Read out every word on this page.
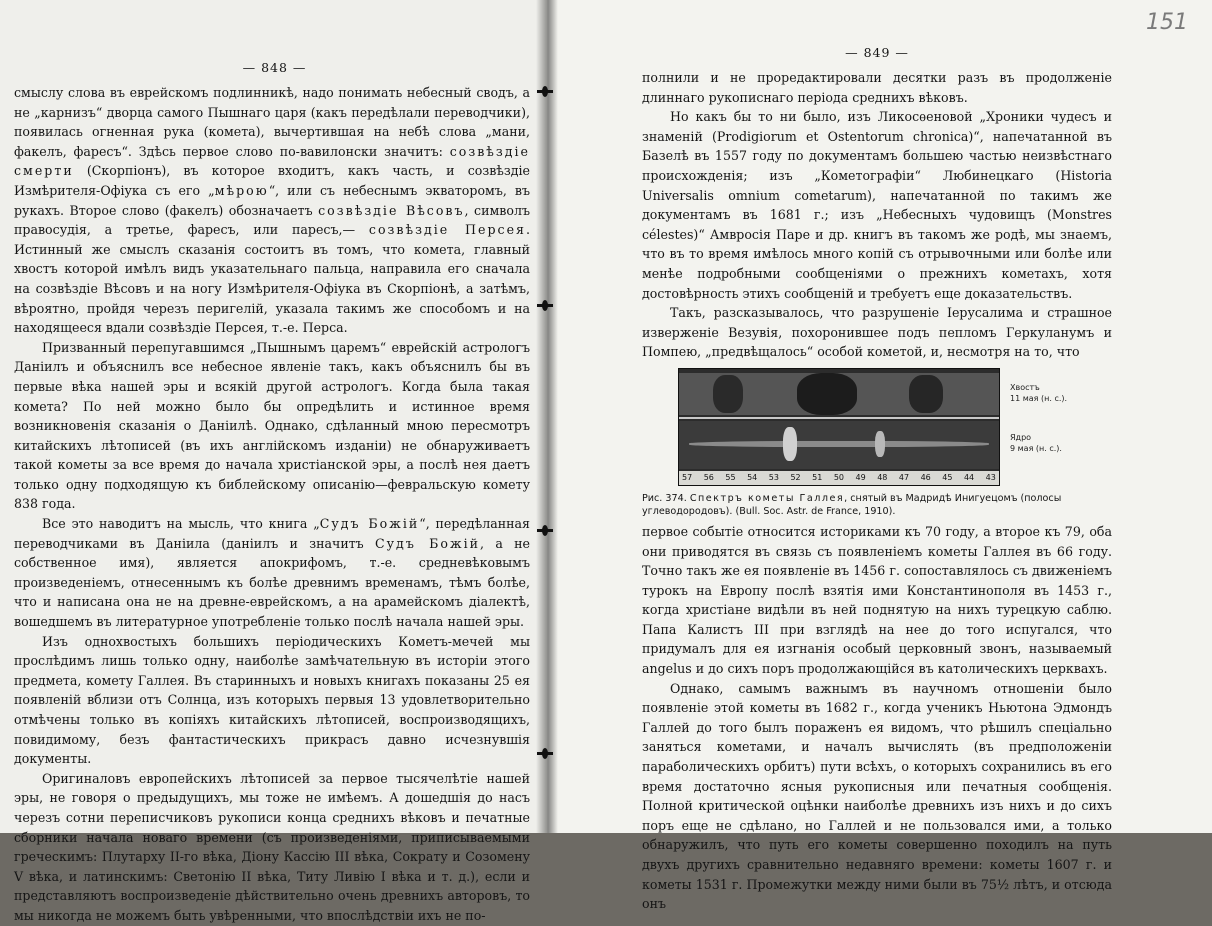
— 848 —

смыслу слова въ еврейскомъ подлинникѣ, надо понимать небесный сводъ, а не „карнизъ“ дворца самого Пышнаго царя (какъ передѣлали переводчики), появилась огненная рука (комета), вычертившая на небѣ слова „мани, факелъ, фаресъ“. Здѣсь первое слово по-вавилонски значитъ: созвѣздіе смерти (Скорпіонъ), въ которое входитъ, какъ часть, и созвѣздіе Измѣрителя-Офіука съ его „мѣрою“, или съ небеснымъ экваторомъ, въ рукахъ. Второе слово (факелъ) обозначаетъ созвѣздіе Вѣсовъ, символъ правосудія, а третье, фаресъ, или паресъ,— созвѣздіе Персея. Истинный же смыслъ сказанія состоитъ въ томъ, что комета, главный хвостъ которой имѣлъ видъ указательнаго пальца, направила его сначала на созвѣздіе Вѣсовъ и на ногу Измѣрителя-Офіука въ Скорпіонѣ, а затѣмъ, вѣроятно, пройдя черезъ перигелій, указала такимъ же способомъ и на находящееся вдали созвѣздіе Персея, т.-е. Перса.

Призванный перепугавшимся „Пышнымъ царемъ“ еврейскій астрологъ Даніилъ и объяснилъ все небесное явленіе такъ, какъ объяснилъ бы въ первые вѣка нашей эры и всякій другой астрологъ. Когда была такая комета? По ней можно было бы опредѣлить и истинное время возникновенія сказанія о Даніилѣ. Однако, сдѣланный мною пересмотръ китайскихъ лѣтописей (въ ихъ англійскомъ изданіи) не обнаруживаетъ такой кометы за все время до начала христіанской эры, а послѣ нея даетъ только одну подходящую къ библейскому описанію—февральскую комету 838 года.

Все это наводитъ на мысль, что книга „Судъ Божій“, передѣланная переводчиками въ Даніила (даніилъ и значитъ Судъ Божій, а не собственное имя), является апокрифомъ, т.-е. средневѣковымъ произведеніемъ, отнесеннымъ къ болѣе древнимъ временамъ, тѣмъ болѣе, что и написана она не на древне-еврейскомъ, а на арамейскомъ діалектѣ, вошедшемъ въ литературное употребленіе только послѣ начала нашей эры.

Изъ однохвостыхъ большихъ періодическихъ Кометъ-мечей мы прослѣдимъ лишь только одну, наиболѣе замѣчательную въ исторіи этого предмета, комету Галлея. Въ старинныхъ и новыхъ книгахъ показаны 25 ея появленій вблизи отъ Солнца, изъ которыхъ первыя 13 удовлетворительно отмѣчены только въ копіяхъ китайскихъ лѣтописей, воспроизводящихъ, повидимому, безъ фантастическихъ прикрасъ давно исчезнувшія документы.

Оригиналовъ европейскихъ лѣтописей за первое тысячелѣтіе нашей эры, не говоря о предыдущихъ, мы тоже не имѣемъ. А дошедшія до насъ черезъ сотни переписчиковъ рукописи конца среднихъ вѣковъ и печатные сборники начала новаго времени (съ произведеніями, приписываемыми греческимъ: Плутарху II-го вѣка, Діону Кассію III вѣка, Сократу и Созомену V вѣка, и латинскимъ: Светонію II вѣка, Титу Ливію I вѣка и т. д.), если и представляютъ воспроизведеніе дѣйствительно очень древнихъ авторовъ, то мы никогда не можемъ быть увѣренными, что впослѣдствіи ихъ не по-

151
— 849 —

полнили и не проредактировали десятки разъ въ продолженіе длиннаго рукописнаго періода среднихъ вѣковъ.

Но какъ бы то ни было, изъ Ликосѳеновой „Хроники чудесъ и знаменій (Prodigiorum et Ostentorum chronica)“, напечатанной въ Базелѣ въ 1557 году по документамъ большею частью неизвѣстнаго происхожденія; изъ „Кометографіи“ Любинецкаго (Historia Universalis omnium cometarum), напечатанной по такимъ же документамъ въ 1681 г.; изъ „Небесныхъ чудовищъ (Monstres célestes)“ Амвросія Паре и др. книгъ въ такомъ же родѣ, мы знаемъ, что въ то время имѣлось много копій съ отрывочными или болѣе или менѣе подробными сообщеніями о прежнихъ кометахъ, хотя достовѣрность этихъ сообщеній и требуетъ еще доказательствъ.

Такъ, разсказывалось, что разрушеніе Іерусалима и страшное изверженіе Везувія, похоронившее подъ пепломъ Геркуланумъ и Помпею, „предвѣщалось“ особой кометой, и, несмотря на то, что

57 56 55 54 53 52 51 50 49 48 47 46 45 44 43
Хвостъ
11 мая (н. с.).
Ядро
9 мая (н. с.).
Рис. 374. Спектръ кометы Галлея, снятый въ Мадридѣ Инигуецомъ (полосы углеводородовъ). (Bull. Soc. Astr. de France, 1910).

первое событіе относится историками къ 70 году, а второе къ 79, оба они приводятся въ связь съ появленіемъ кометы Галлея въ 66 году. Точно такъ же ея появленіе въ 1456 г. сопоставлялось съ движеніемъ турокъ на Европу послѣ взятія ими Константинополя въ 1453 г., когда христіане видѣли въ ней поднятую на нихъ турецкую саблю. Папа Калистъ III при взглядѣ на нее до того испугался, что придумалъ для ея изгнанія особый церковный звонъ, называемый angelus и до сихъ поръ продолжающійся въ католическихъ церквахъ.

Однако, самымъ важнымъ въ научномъ отношеніи было появленіе этой кометы въ 1682 г., когда ученикъ Ньютона Эдмондъ Галлей до того былъ пораженъ ея видомъ, что рѣшилъ спеціально заняться кометами, и началъ вычислять (въ предположеніи параболическихъ орбитъ) пути всѣхъ, о которыхъ сохранились въ его время достаточно ясныя рукописныя или печатныя сообщенія. Полной критической оцѣнки наиболѣе древнихъ изъ нихъ и до сихъ поръ еще не сдѣлано, но Галлей и не пользовался ими, а только обнаружилъ, что путь его кометы совершенно походилъ на путь двухъ другихъ сравнительно недавняго времени: кометы 1607 г. и кометы 1531 г. Промежутки между ними были въ 75½ лѣтъ, и отсюда онъ
